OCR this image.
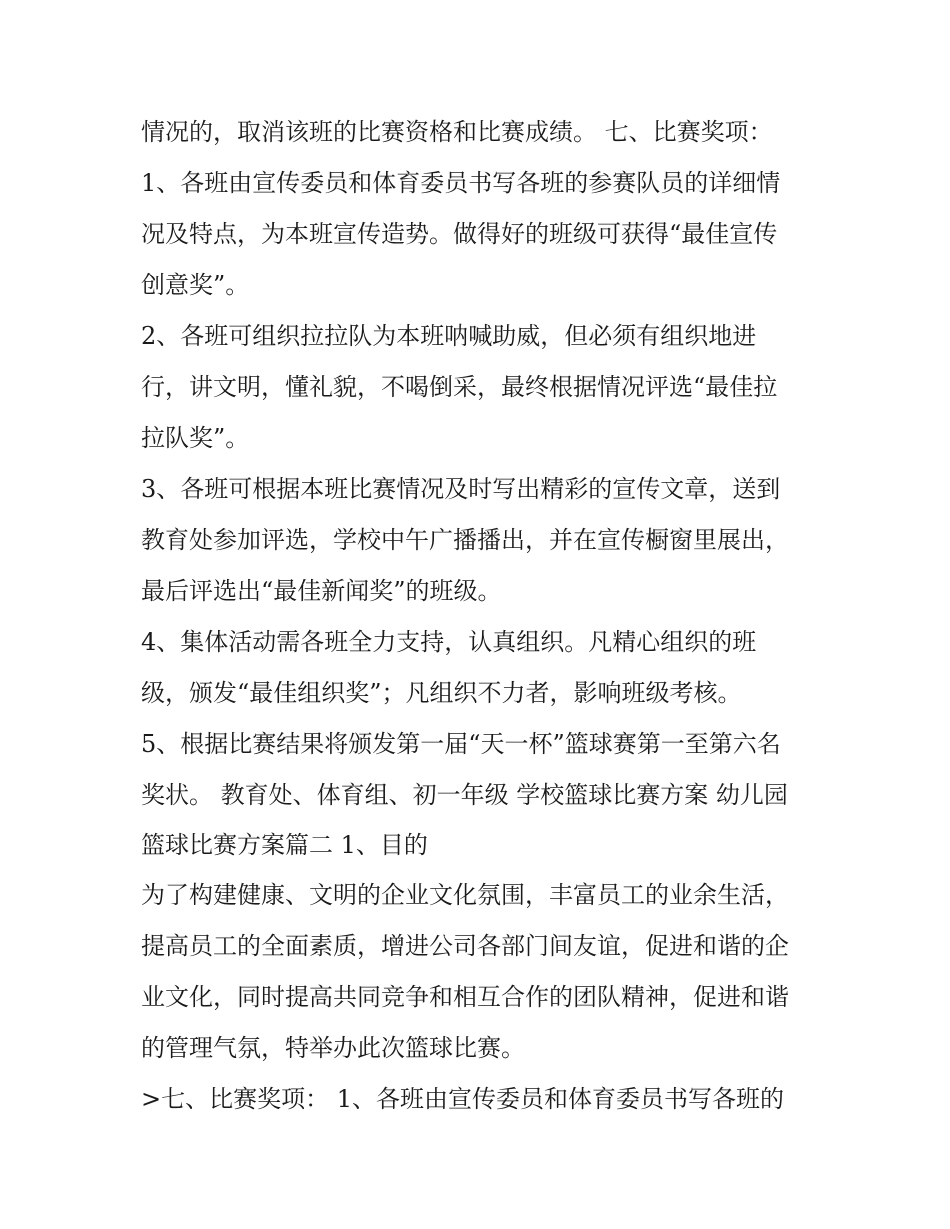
情况的，取消该班的比赛资格和比赛成绩。 七、比赛奖项：
1、各班由宣传委员和体育委员书写各班的参赛队员的详细情
况及特点，为本班宣传造势。做得好的班级可获得“最佳宣传
创意奖”。
2、各班可组织拉拉队为本班呐喊助威，但必须有组织地进
行，讲文明，懂礼貌，不喝倒采，最终根据情况评选“最佳拉
拉队奖”。
3、各班可根据本班比赛情况及时写出精彩的宣传文章，送到
教育处参加评选，学校中午广播播出，并在宣传橱窗里展出，
最后评选出“最佳新闻奖”的班级。
4、集体活动需各班全力支持，认真组织。凡精心组织的班
级，颁发“最佳组织奖”；凡组织不力者，影响班级考核。
5、根据比赛结果将颁发第一届“天一杯”篮球赛第一至第六名
奖状。 教育处、体育组、初一年级 学校篮球比赛方案 幼儿园
篮球比赛方案篇二 1、目的
为了构建健康、文明的企业文化氛围，丰富员工的业余生活，
提高员工的全面素质，增进公司各部门间友谊，促进和谐的企
业文化，同时提高共同竞争和相互合作的团队精神，促进和谐
的管理气氛，特举办此次篮球比赛。
>七、比赛奖项： 1、各班由宣传委员和体育委员书写各班的
